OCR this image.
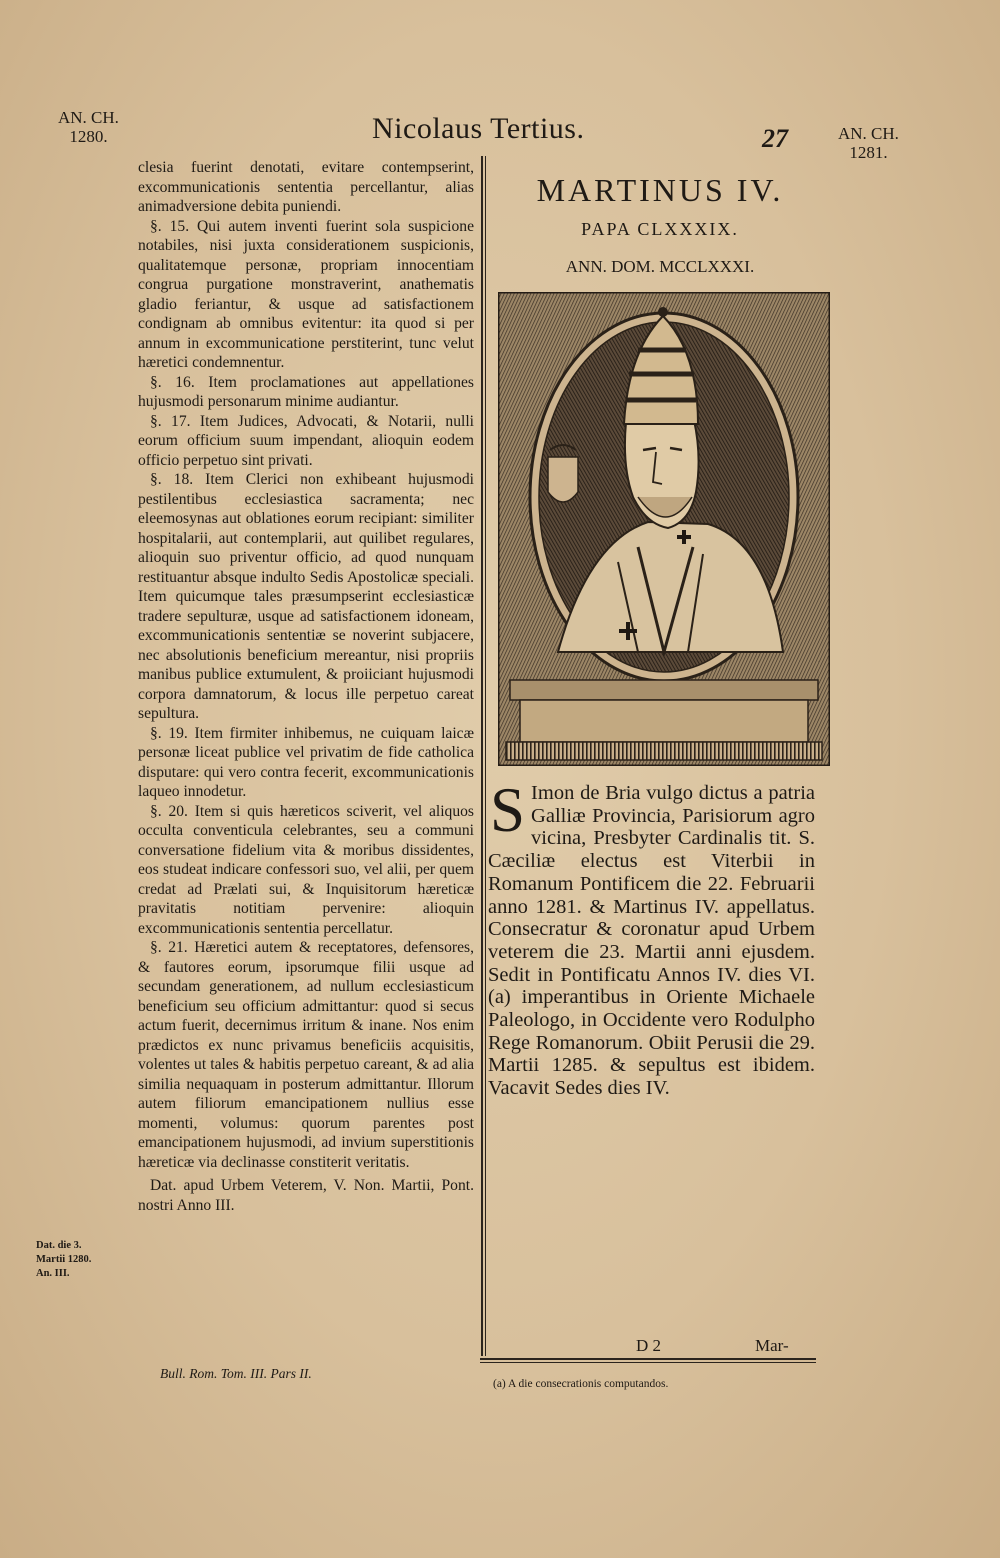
AN. CH.
1280.	Nicolaus Tertius.	27	AN. CH.
1281.

clesia fuerint denotati, evitare contempserint, excommunicationis sententia percellantur, alias animadversione debita puniendi.

§. 15. Qui autem inventi fuerint sola suspicione notabiles, nisi juxta considerationem suspicionis, qualitatemque personæ, propriam innocentiam congrua purgatione monstraverint, anathematis gladio feriantur, & usque ad satisfactionem condignam ab omnibus evitentur: ita quod si per annum in excommunicatione perstiterint, tunc velut hæretici condemnentur.

§. 16. Item proclamationes aut appellationes hujusmodi personarum minime audiantur.

§. 17. Item Judices, Advocati, & Notarii, nulli eorum officium suum impendant, alioquin eodem officio perpetuo sint privati.

§. 18. Item Clerici non exhibeant hujusmodi pestilentibus ecclesiastica sacramenta; nec eleemosynas aut oblationes eorum recipiant: similiter hospitalarii, aut contemplarii, aut quilibet regulares, alioquin suo priventur officio, ad quod nunquam restituantur absque indulto Sedis Apostolicæ speciali. Item quicumque tales præsumpserint ecclesiasticæ tradere sepulturæ, usque ad satisfactionem idoneam, excommunicationis sententiæ se noverint subjacere, nec absolutionis beneficium mereantur, nisi propriis manibus publice extumulent, & proiiciant hujusmodi corpora damnatorum, & locus ille perpetuo careat sepultura.

§. 19. Item firmiter inhibemus, ne cuiquam laicæ personæ liceat publice vel privatim de fide catholica disputare: qui vero contra fecerit, excommunicationis laqueo innodetur.

§. 20. Item si quis hæreticos sciverit, vel aliquos occulta conventicula celebrantes, seu a communi conversatione fidelium vita & moribus dissidentes, eos studeat indicare confessori suo, vel alii, per quem credat ad Prælati sui, & Inquisitorum hæreticæ pravitatis notitiam pervenire: alioquin excommunicationis sententia percellatur.

§. 21. Hæretici autem & receptatores, defensores, & fautores eorum, ipsorumque filii usque ad secundam generationem, ad nullum ecclesiasticum beneficium seu officium admittantur: quod si secus actum fuerit, decernimus irritum & inane. Nos enim prædictos ex nunc privamus beneficiis acquisitis, volentes ut tales & habitis perpetuo careant, & ad alia similia nequaquam in posterum admittantur. Illorum autem filiorum emancipationem nullius esse momenti, volumus: quorum parentes post emancipationem hujusmodi, ad invium superstitionis hæreticæ via declinasse constiterit veritatis.

Dat. apud Urbem Veterem, V. Non. Martii, Pont. nostri Anno III.

Dat. die 3.
Martii 1280.
An. III.
MARTINUS IV.
PAPA CLXXXIX.
ANN. DOM. MCCLXXXI.
S Imon de Bria vulgo dictus a patria Galliæ Provincia, Parisiorum agro vicina, Presbyter Cardinalis tit. S. Cæciliæ electus est Viterbii in Romanum Pontificem die 22. Februarii anno 1281. & Martinus IV. appellatus. Consecratur & coronatur apud Urbem veterem die 23. Martii anni ejusdem. Sedit in Pontificatu Annos IV. dies VI. (a) imperantibus in Oriente Michaele Paleologo, in Occidente vero Rodulpho Rege Romanorum. Obiit Perusii die 29. Martii 1285. & sepultus est ibidem. Vacavit Sedes dies IV.
D 2	Mar-
(a) A die consecrationis computandos.
Bull. Rom. Tom. III. Pars II.
